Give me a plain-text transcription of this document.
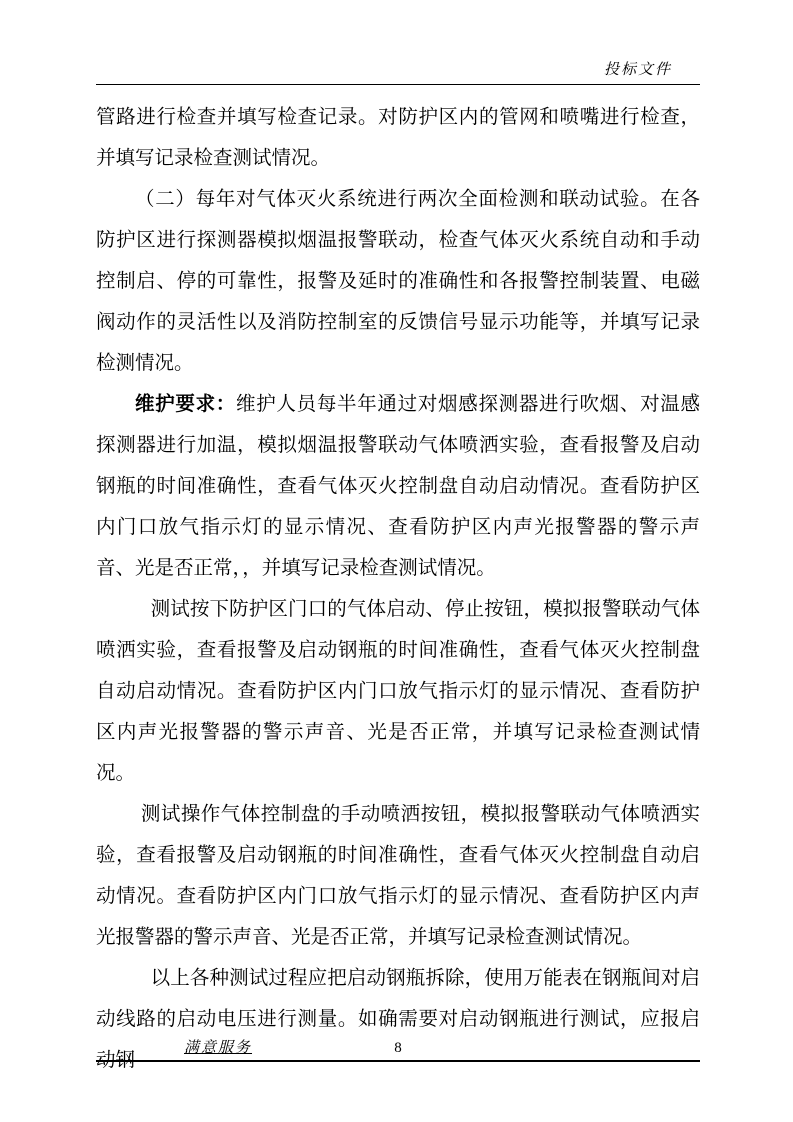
投标文件

管路进行检查并填写检查记录。对防护区内的管网和喷嘴进行检查，并填写记录检查测试情况。

（二）每年对气体灭火系统进行两次全面检测和联动试验。在各防护区进行探测器模拟烟温报警联动，检查气体灭火系统自动和手动控制启、停的可靠性，报警及延时的准确性和各报警控制装置、电磁阀动作的灵活性以及消防控制室的反馈信号显示功能等，并填写记录检测情况。

维护要求：维护人员每半年通过对烟感探测器进行吹烟、对温感探测器进行加温，模拟烟温报警联动气体喷洒实验，查看报警及启动钢瓶的时间准确性，查看气体灭火控制盘自动启动情况。查看防护区内门口放气指示灯的显示情况、查看防护区内声光报警器的警示声音、光是否正常，，并填写记录检查测试情况。

测试按下防护区门口的气体启动、停止按钮，模拟报警联动气体喷洒实验，查看报警及启动钢瓶的时间准确性，查看气体灭火控制盘自动启动情况。查看防护区内门口放气指示灯的显示情况、查看防护区内声光报警器的警示声音、光是否正常，并填写记录检查测试情况。

测试操作气体控制盘的手动喷洒按钮，模拟报警联动气体喷洒实验，查看报警及启动钢瓶的时间准确性，查看气体灭火控制盘自动启动情况。查看防护区内门口放气指示灯的显示情况、查看防护区内声光报警器的警示声音、光是否正常，并填写记录检查测试情况。

以上各种测试过程应把启动钢瓶拆除，使用万能表在钢瓶间对启动线路的启动电压进行测量。如确需要对启动钢瓶进行测试，应报启动钢

满意服务	8
